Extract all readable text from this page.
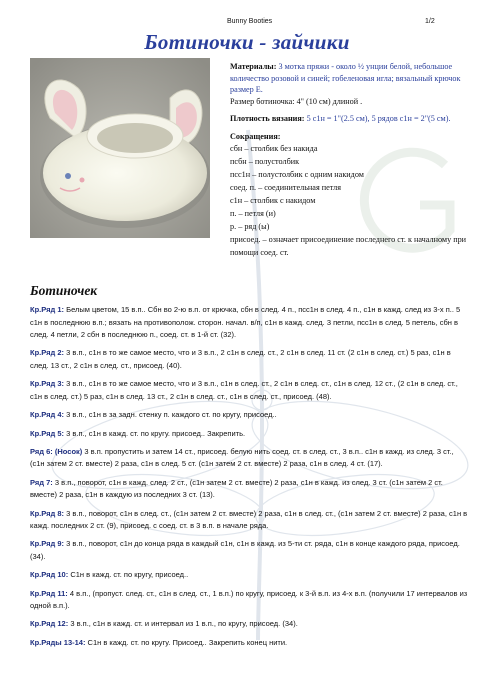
Bunny Booties	1/2
Ботиночки - зайчики

Материалы: 3 мотка пряжи - около ½ унции белой, небольшое количество розовой и синей; гобеленовая игла; вязальный крючок размер E.

Размер ботиночка: 4" (10 см) длиной .

Плотность вязания: 5 с1н = 1"(2.5 см), 5 рядов с1н = 2"(5 см).

Сокращения:

сбн – столбик без накида
псбн – полустолбик
пcс1н – полустолбик с одним накидом
соед. п. – соединительная петля
с1н – столбик с накидом
п. – петля (и)
р. – ряд (ы)
присоед. – означает присоединение последнего ст. к началному при помощи соед. ст.
Ботиночек
Кр.Ряд 1: Белым цветом, 15 в.п.. Сбн во 2-ю в.п. от крючка, сбн в след. 4 п., пcс1н в след. 4 п., с1н в кажд. след из 3-х п.. 5 с1н в последнюю в.п.; вязать на противополож. сторон. начал. в/п, с1н в кажд. след. 3 петли, пcс1н в след. 5 петель, сбн в след. 4 петли, 2 сбн в последнюю п., соед. ст. в 1-й ст. (32).
Кр.Ряд 2: 3 в.п., с1н в то же самое место, что и 3 в.п., 2 с1н в след. ст., 2 с1н в след. 11 ст. (2 с1н в след. ст.) 5 раз, с1н в след. 13 ст., 2 с1н в след. ст., присоед. (40).
Кр.Ряд 3: 3 в.п., с1н в то же самое место, что и 3 в.п., с1н в след. ст., 2 с1н в след. ст., с1н в след. 12 ст., (2 с1н в след. ст., с1н в след. ст.) 5 раз, с1н в след. 13 ст., 2 с1н в след. ст., с1н в след. ст., присоед. (48).
Кр.Ряд 4: 3 в.п., с1н в за задн. стенку п. каждого ст. по кругу, присоед..
Кр.Ряд 5: 3 в.п., с1н в кажд. ст. по кругу. присоед.. Закрепить.
Ряд 6: (Носок) 3 в.п. пропустить и затем 14 ст., присоед. белую нить соед. ст. в след. ст., 3 в.п.. с1н в кажд. из след. 3 ст., (с1н затем 2 ст. вместе) 2 раза, с1н в след. 5 ст. (с1н затем 2 ст. вместе) 2 раза, с1н в след. 4 ст. (17).
Ряд 7: 3 в.п., поворот, с1н в кажд. след. 2 ст., (с1н затем 2 ст. вместе) 2 раза, с1н в кажд. из след. 3 ст. (с1н затем 2 ст. вместе) 2 раза, с1н в каждую из последних 3 ст. (13).
Кр.Ряд 8: 3 в.п., поворот, с1н в след. ст., (с1н затем 2 ст. вместе) 2 раза, с1н в след. ст., (с1н затем 2 ст. вместе) 2 раза, с1н в кажд. последних 2 ст. (9), присоед. с соед. ст. в 3 в.п. в начале ряда.
Кр.Ряд 9: 3 в.п., поворот, с1н до конца ряда в каждый с1н, с1н в кажд. из 5-ти ст. ряда, с1н в конце каждого ряда, присоед. (34).
Кр.Ряд 10: С1н в кажд. ст. по кругу, присоед..
Кр.Ряд 11: 4 в.п., (пропуст. след. ст., с1н в след. ст., 1 в.п.) по кругу, присоед. к 3-й в.п. из 4-х в.п. (получили 17 интервалов из одной в.п.).
Кр.Ряд 12: 3 в.п., с1н в кажд. ст. и интервал из 1 в.п., по кругу, присоед. (34).
Кр.Ряды 13-14: С1н в кажд. ст. по кругу. Присоед.. Закрепить конец нити.
